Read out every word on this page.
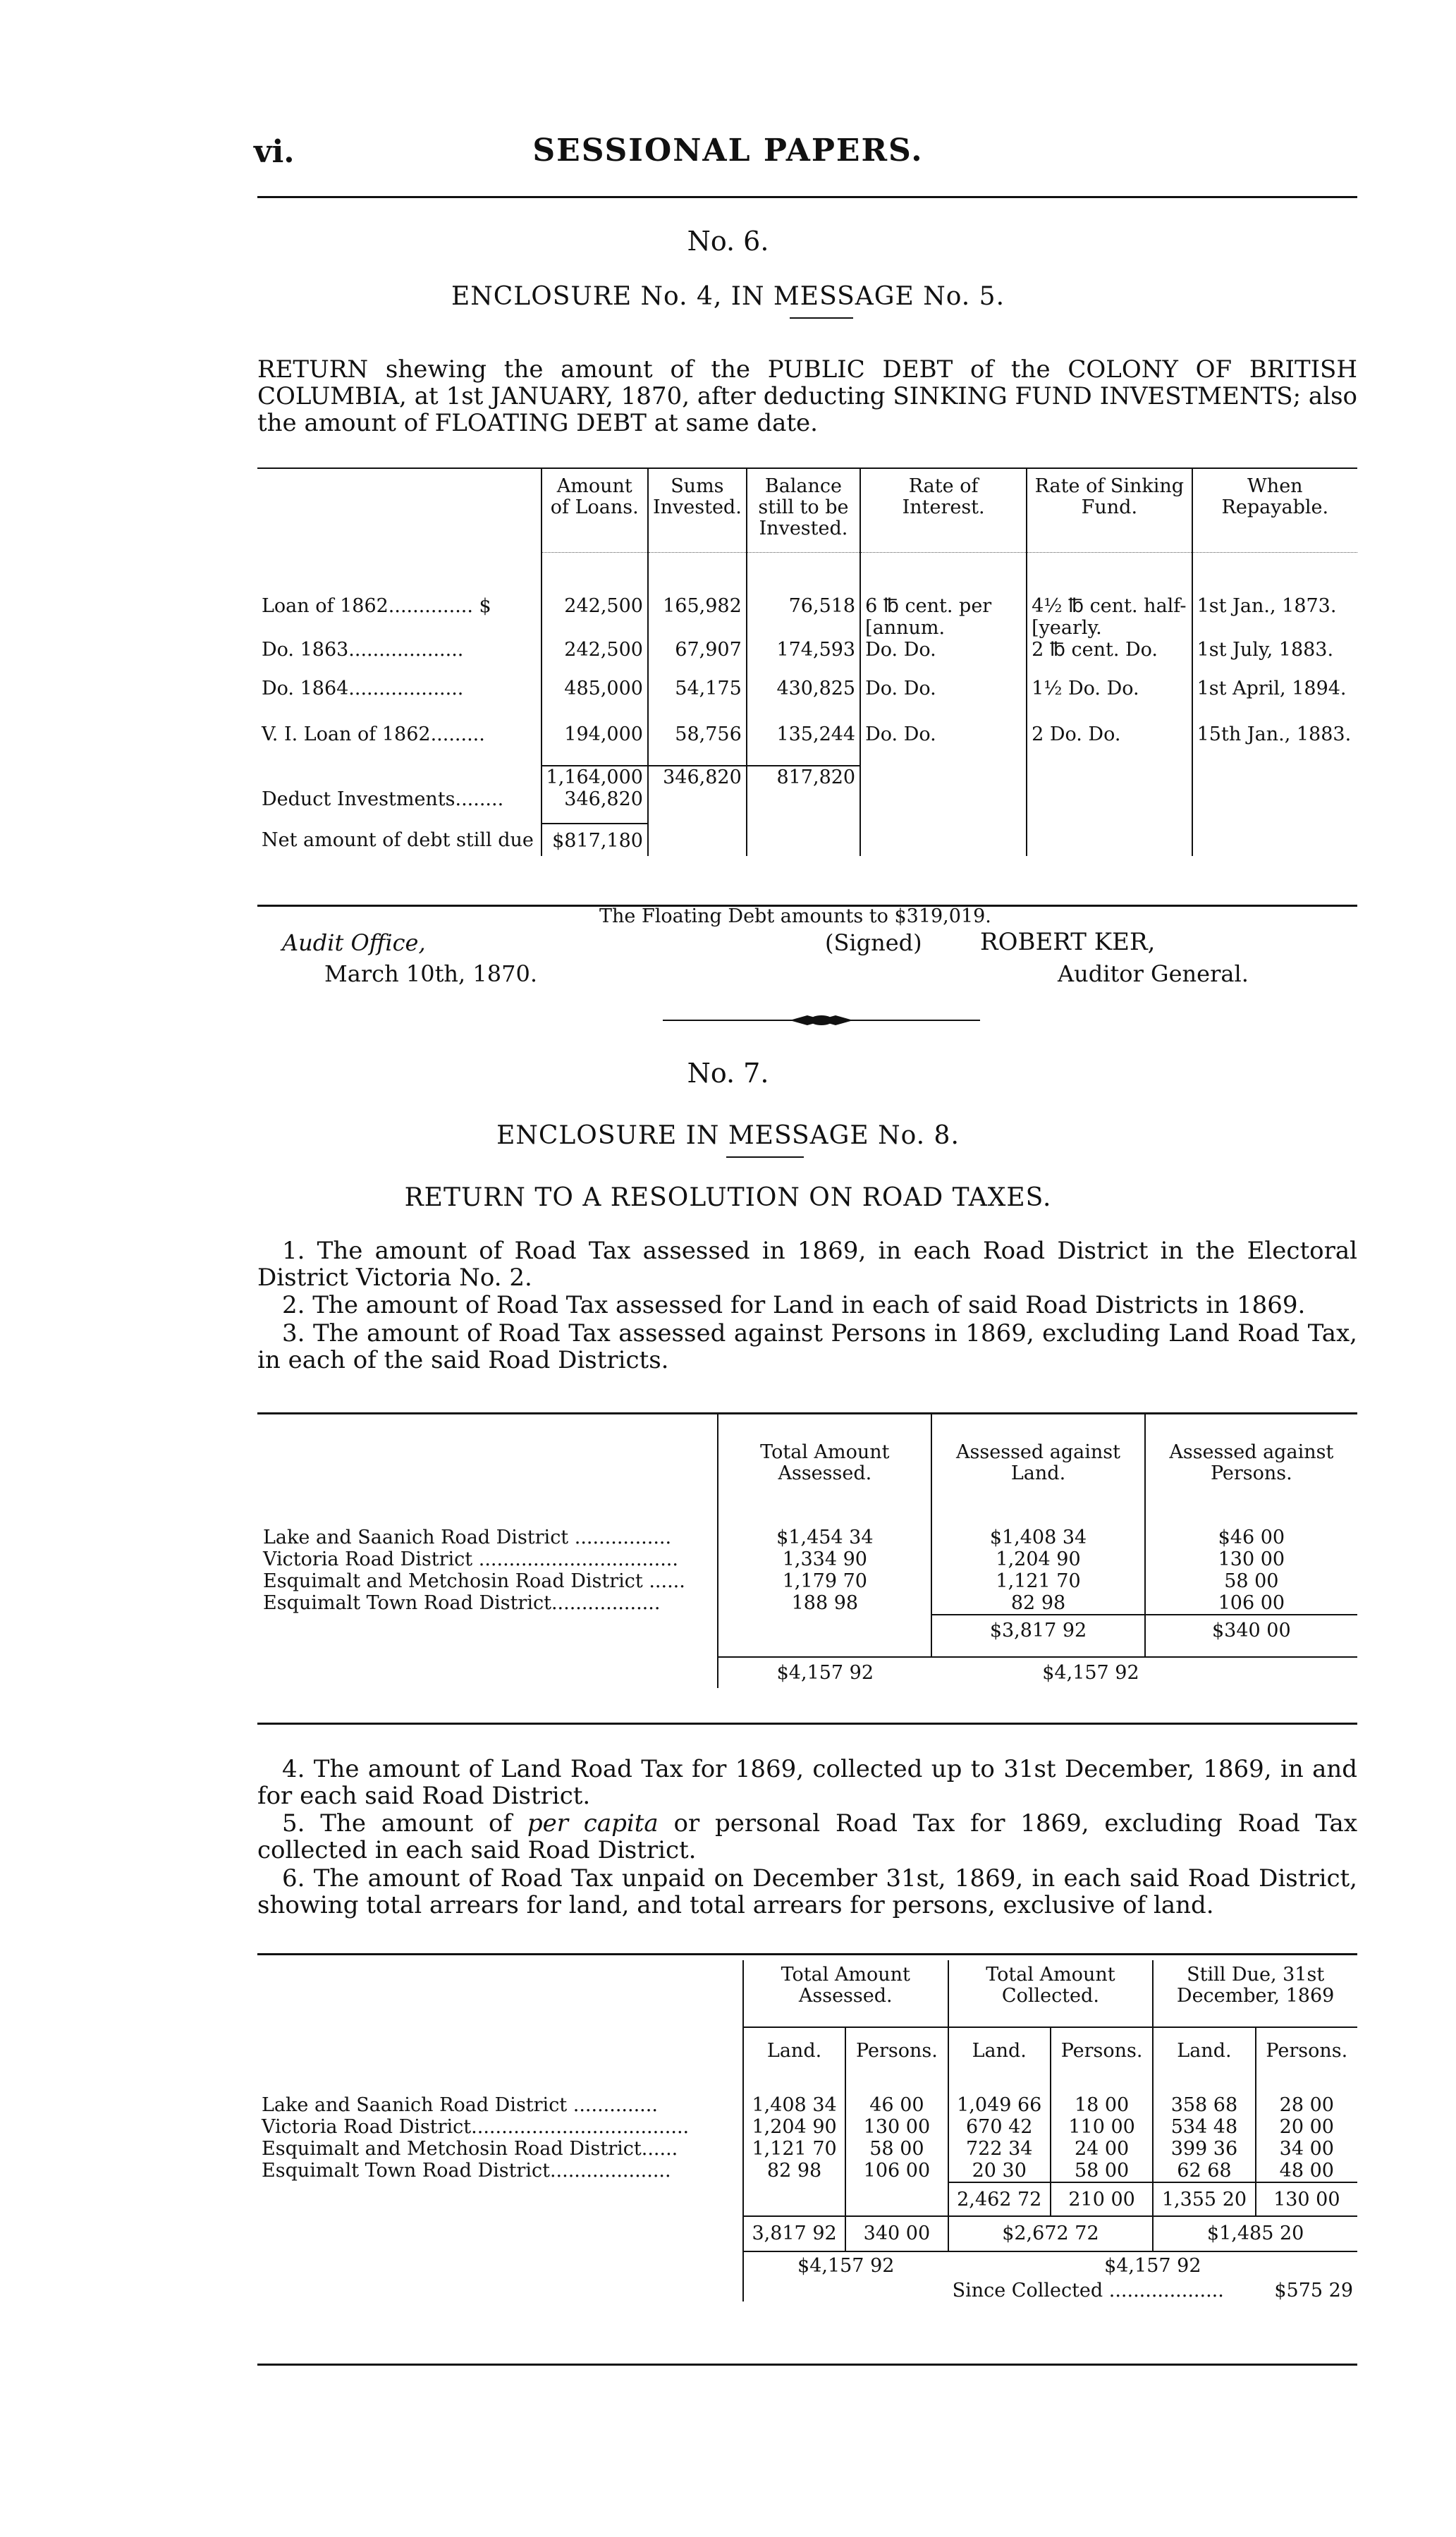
vi.	SESSIONAL PAPERS.
No. 6.
ENCLOSURE No. 4, IN MESSAGE No. 5.
RETURN shewing the amount of the PUBLIC DEBT of the COLONY OF BRITISH COLUMBIA, at 1st JANUARY, 1870, after deducting SINKING FUND INVESTMENTS; also the amount of FLOATING DEBT at same date.
	Amount of Loans.	Sums Invested.	Balance still to be Invested.	Rate of Interest.	Rate of Sinking Fund.	When Repayable.

Loan of 1862.............. $	242,500	165,982	76,518	6 ℔ cent. per [annum.	4½ ℔ cent. half- [yearly.	1st Jan., 1873.
Do. 1863...................	242,500	67,907	174,593	Do. Do.	2 ℔ cent. Do.	1st July, 1883.
Do. 1864...................	485,000	54,175	430,825	Do. Do.	1½ Do. Do.	1st April, 1894.
V. I. Loan of 1862.........	194,000	58,756	135,244	Do. Do.	2 Do. Do.	15th Jan., 1883.
	1,164,000	346,820	817,820			
Deduct Investments........	346,820					
Net amount of debt still due	$817,180					
The Floating Debt amounts to $319,019.
Audit Office,
March 10th, 1870.
(Signed) ROBERT KER,
Auditor General.
No. 7.
ENCLOSURE IN MESSAGE No. 8.
RETURN TO A RESOLUTION ON ROAD TAXES.
1. The amount of Road Tax assessed in 1869, in each Road District in the Electoral District Victoria No. 2.
2. The amount of Road Tax assessed for Land in each of said Road Districts in 1869.
3. The amount of Road Tax assessed against Persons in 1869, excluding Land Road Tax, in each of the said Road Districts.
	Total Amount Assessed.	Assessed against Land.	Assessed against Persons.
Lake and Saanich Road District ................	$1,454 34	$1,408 34	$46 00
Victoria Road District .................................	1,334 90	1,204 90	130 00
Esquimalt and Metchosin Road District ......	1,179 70	1,121 70	58 00
Esquimalt Town Road District..................	188 98	82 98	106 00
		$3,817 92	$340 00
	$4,157 92	$4,157 92	
4. The amount of Land Road Tax for 1869, collected up to 31st December, 1869, in and for each said Road District.
5. The amount of per capita or personal Road Tax for 1869, excluding Road Tax collected in each said Road District.
6. The amount of Road Tax unpaid on December 31st, 1869, in each said Road District, showing total arrears for land, and total arrears for persons, exclusive of land.
	Total Amount Assessed.		Total Amount Collected.		Still Due, 31st December, 1869	
	Land.	Persons.	Land.	Persons.	Land.	Persons.
Lake and Saanich Road District ..............	1,408 34	46 00	1,049 66	18 00	358 68	28 00
Victoria Road District....................................	1,204 90	130 00	670 42	110 00	534 48	20 00
Esquimalt and Metchosin Road District......	1,121 70	58 00	722 34	24 00	399 36	34 00
Esquimalt Town Road District....................	82 98	106 00	20 30	58 00	62 68	48 00
			2,462 72	210 00	1,355 20	130 00
	3,817 92	340 00	$2,672 72		$1,485 20	
	$4,157 92		$4,157 92			
			Since Collected ...................			$575 29
